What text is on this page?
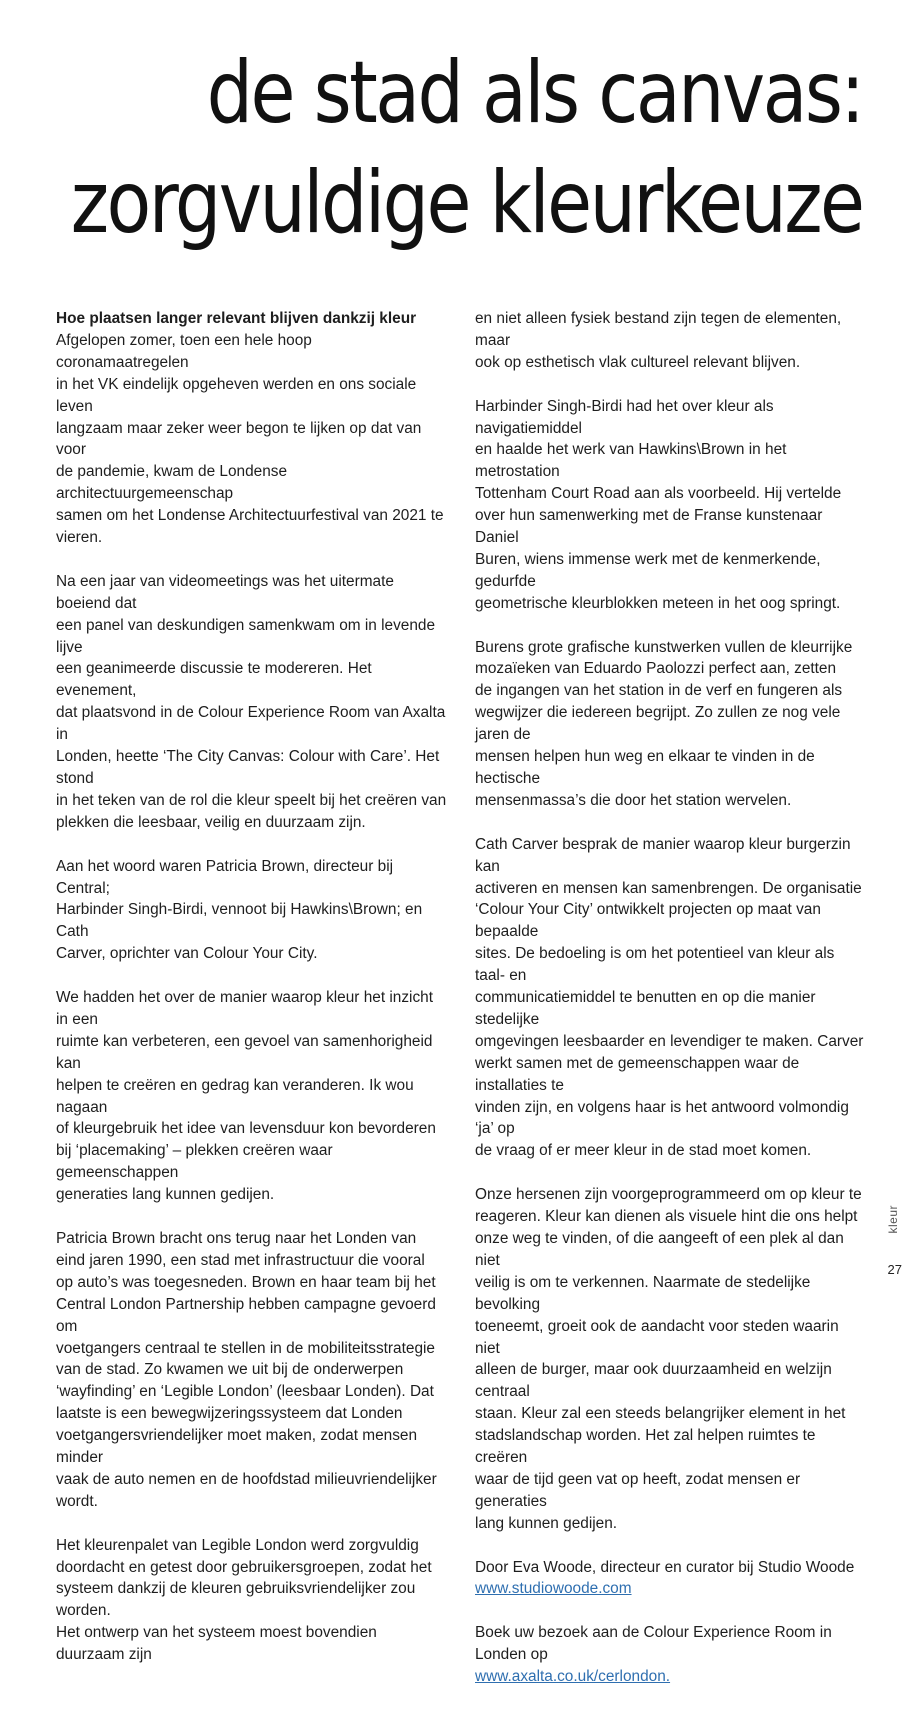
de stad als canvas:
zorgvuldige kleurkeuze

Hoe plaatsen langer relevant blijven dankzij kleur
Afgelopen zomer, toen een hele hoop coronamaatregelen
in het VK eindelijk opgeheven werden en ons sociale leven
langzaam maar zeker weer begon te lijken op dat van voor
de pandemie, kwam de Londense architectuurgemeenschap
samen om het Londense Architectuurfestival van 2021 te
vieren.

Na een jaar van videomeetings was het uitermate boeiend dat
een panel van deskundigen samenkwam om in levende lijve
een geanimeerde discussie te modereren. Het evenement,
dat plaatsvond in de Colour Experience Room van Axalta in
Londen, heette ‘The City Canvas: Colour with Care’. Het stond
in het teken van de rol die kleur speelt bij het creëren van
plekken die leesbaar, veilig en duurzaam zijn.

Aan het woord waren Patricia Brown, directeur bij Central;
Harbinder Singh-Birdi, vennoot bij Hawkins\Brown; en Cath
Carver, oprichter van Colour Your City.

We hadden het over de manier waarop kleur het inzicht in een
ruimte kan verbeteren, een gevoel van samenhorigheid kan
helpen te creëren en gedrag kan veranderen. Ik wou nagaan
of kleurgebruik het idee van levensduur kon bevorderen
bij ‘placemaking’ – plekken creëren waar gemeenschappen
generaties lang kunnen gedijen.

Patricia Brown bracht ons terug naar het Londen van
eind jaren 1990, een stad met infrastructuur die vooral
op auto’s was toegesneden. Brown en haar team bij het
Central London Partnership hebben campagne gevoerd om
voetgangers centraal te stellen in de mobiliteitsstrategie
van de stad. Zo kwamen we uit bij de onderwerpen
‘wayfinding’ en ‘Legible London’ (leesbaar Londen). Dat
laatste is een bewegwijzeringssysteem dat Londen
voetgangersvriendelijker moet maken, zodat mensen minder
vaak de auto nemen en de hoofdstad milieuvriendelijker
wordt.

Het kleurenpalet van Legible London werd zorgvuldig
doordacht en getest door gebruikersgroepen, zodat het
systeem dankzij de kleuren gebruiksvriendelijker zou worden.
Het ontwerp van het systeem moest bovendien duurzaam zijn

en niet alleen fysiek bestand zijn tegen de elementen, maar
ook op esthetisch vlak cultureel relevant blijven.

Harbinder Singh-Birdi had het over kleur als navigatiemiddel
en haalde het werk van Hawkins\Brown in het metrostation
Tottenham Court Road aan als voorbeeld. Hij vertelde
over hun samenwerking met de Franse kunstenaar Daniel
Buren, wiens immense werk met de kenmerkende, gedurfde
geometrische kleurblokken meteen in het oog springt.

Burens grote grafische kunstwerken vullen de kleurrijke
mozaïeken van Eduardo Paolozzi perfect aan, zetten
de ingangen van het station in de verf en fungeren als
wegwijzer die iedereen begrijpt. Zo zullen ze nog vele jaren de
mensen helpen hun weg en elkaar te vinden in de hectische
mensenmassa’s die door het station wervelen.

Cath Carver besprak de manier waarop kleur burgerzin kan
activeren en mensen kan samenbrengen. De organisatie
‘Colour Your City’ ontwikkelt projecten op maat van bepaalde
sites. De bedoeling is om het potentieel van kleur als taal- en
communicatiemiddel te benutten en op die manier stedelijke
omgevingen leesbaarder en levendiger te maken. Carver
werkt samen met de gemeenschappen waar de installaties te
vinden zijn, en volgens haar is het antwoord volmondig ‘ja’ op
de vraag of er meer kleur in de stad moet komen.

Onze hersenen zijn voorgeprogrammeerd om op kleur te
reageren. Kleur kan dienen als visuele hint die ons helpt
onze weg te vinden, of die aangeeft of een plek al dan niet
veilig is om te verkennen. Naarmate de stedelijke bevolking
toeneemt, groeit ook de aandacht voor steden waarin niet
alleen de burger, maar ook duurzaamheid en welzijn centraal
staan. Kleur zal een steeds belangrijker element in het
stadslandschap worden. Het zal helpen ruimtes te creëren
waar de tijd geen vat op heeft, zodat mensen er generaties
lang kunnen gedijen.

Door Eva Woode, directeur en curator bij Studio Woode
www.studiowoode.com

Boek uw bezoek aan de Colour Experience Room in Londen op
www.axalta.co.uk/cerlondon.

kleur
27
